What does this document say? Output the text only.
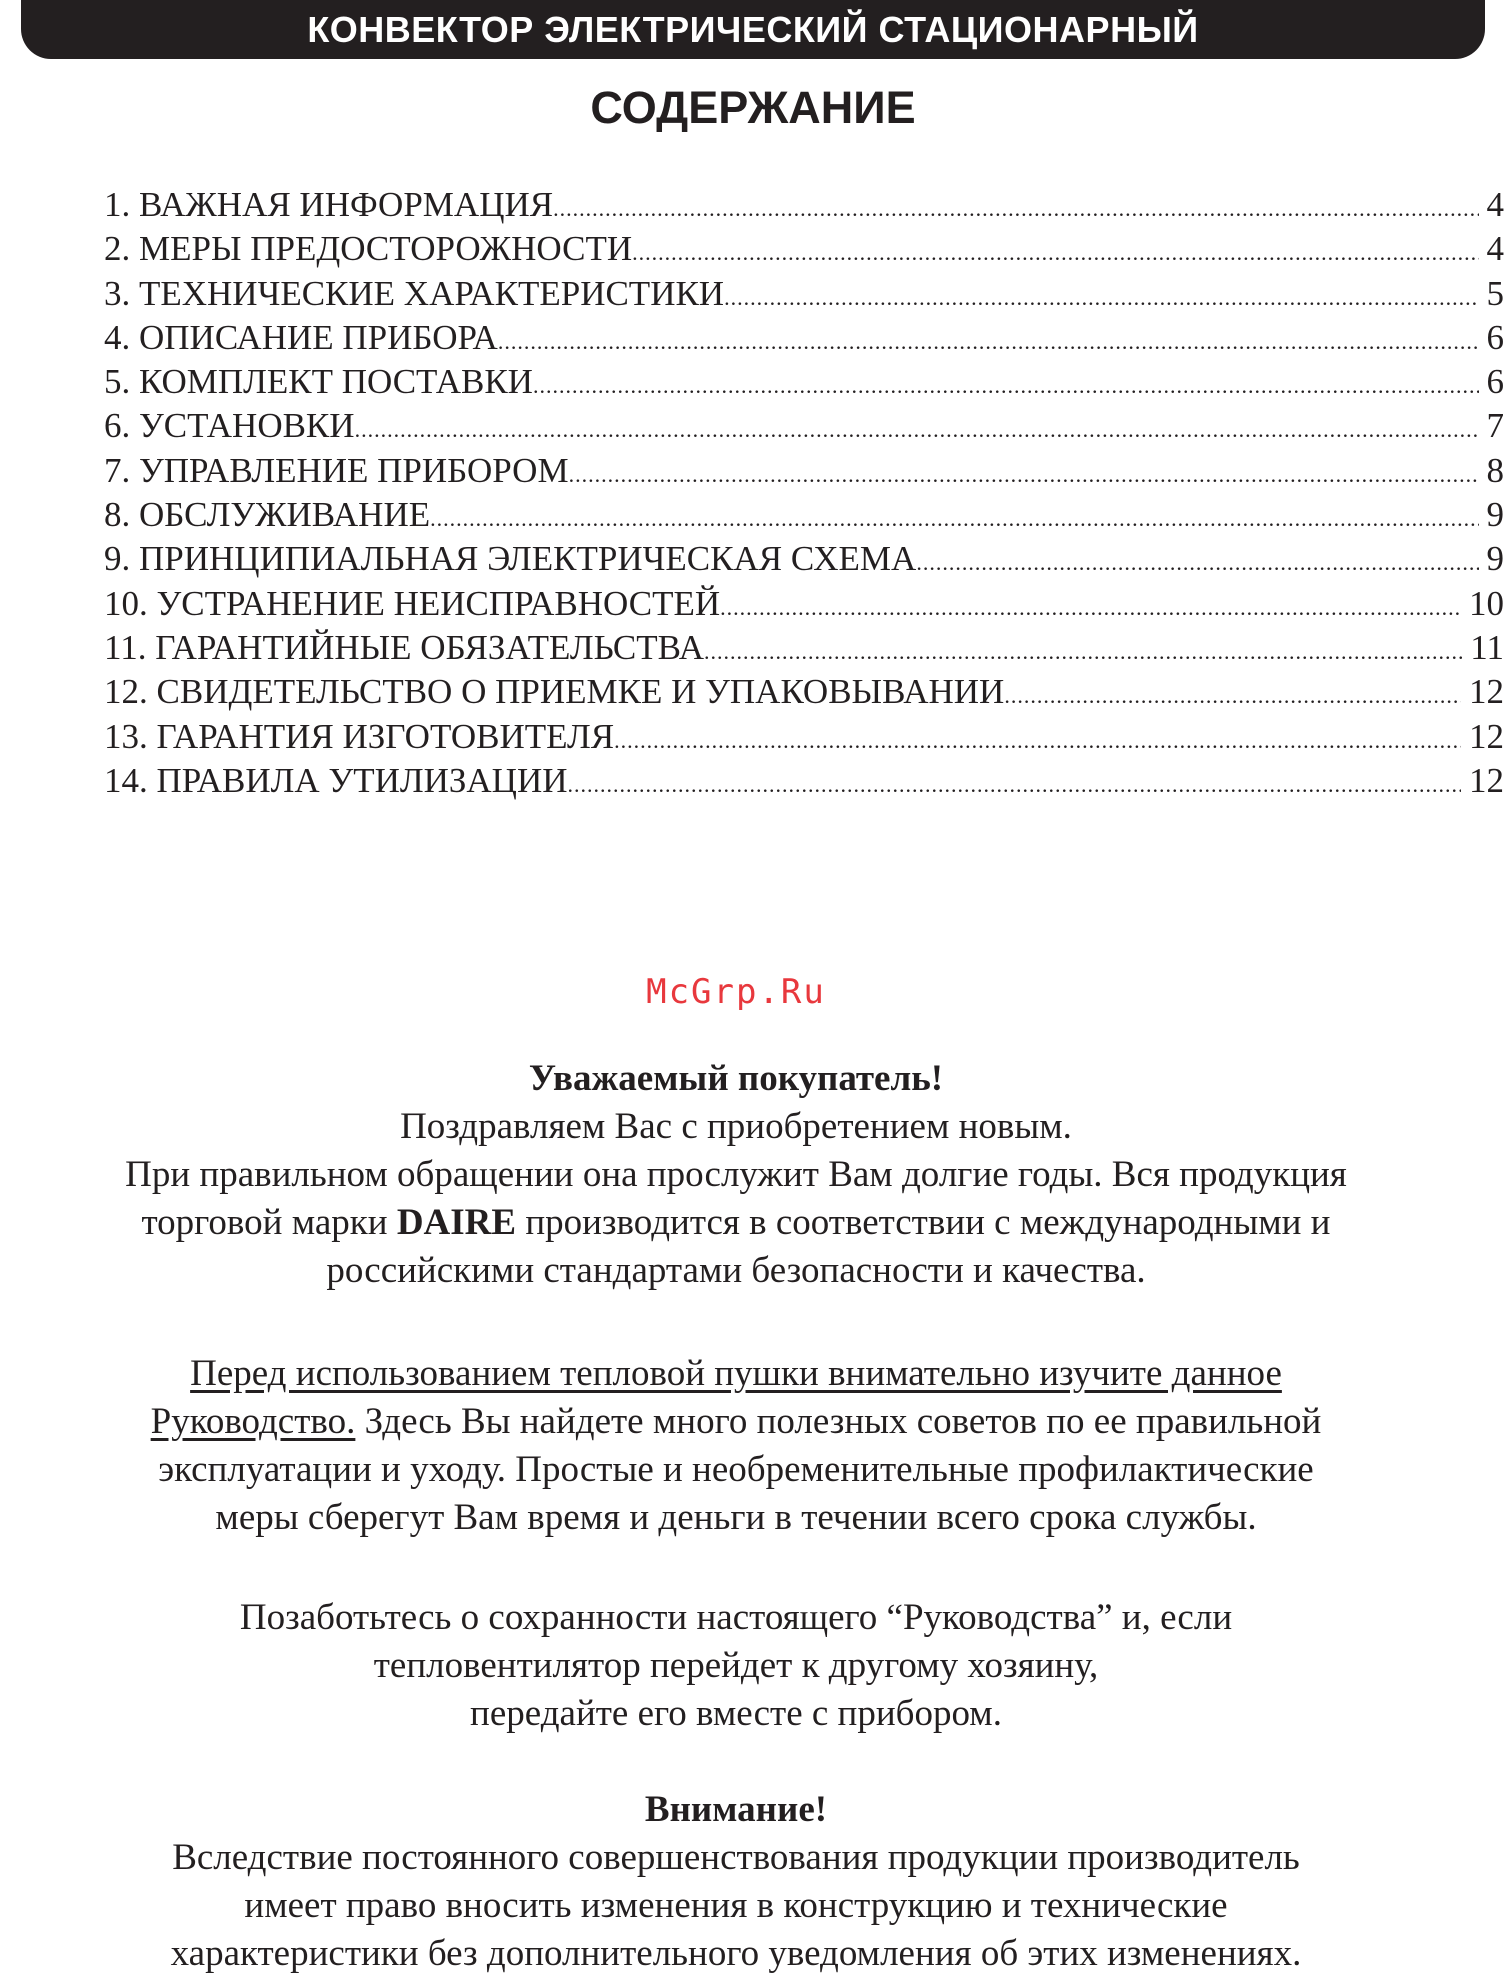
КОНВЕКТОР ЭЛЕКТРИЧЕСКИЙ СТАЦИОНАРНЫЙ
СОДЕРЖАНИЕ
1. ВАЖНАЯ ИНФОРМАЦИЯ .....	4
2. МЕРЫ ПРЕДОСТОРОЖНОСТИ .....	4
3. ТЕХНИЧЕСКИЕ ХАРАКТЕРИСТИКИ .....	5
4. ОПИСАНИЕ ПРИБОРА .....	6
5. КОМПЛЕКТ ПОСТАВКИ .....	6
6. УСТАНОВКИ .....	7
7. УПРАВЛЕНИЕ ПРИБОРОМ .....	8
8. ОБСЛУЖИВАНИЕ .....	9
9. ПРИНЦИПИАЛЬНАЯ ЭЛЕКТРИЧЕСКАЯ СХЕМА .....	9
10. УСТРАНЕНИЕ НЕИСПРАВНОСТЕЙ .....	10
11. ГАРАНТИЙНЫЕ ОБЯЗАТЕЛЬСТВА .....	11
12. СВИДЕТЕЛЬСТВО О ПРИЕМКЕ И УПАКОВЫВАНИИ .....	12
13. ГАРАНТИЯ ИЗГОТОВИТЕЛЯ .....	12
14. ПРАВИЛА УТИЛИЗАЦИИ .....	12
McGrp.Ru

Уважаемый покупатель!

Поздравляем Вас с приобретением новым.

При правильном обращении она прослужит Вам долгие годы. Вся продукция

торговой марки DAIRE производится в соответствии с международными и

российскими стандартами безопасности и качества.

Перед использованием тепловой пушки внимательно изучите данное

Руководство. Здесь Вы найдете много полезных советов по ее правильной

эксплуатации и уходу. Простые и необременительные профилактические

меры сберегут Вам время и деньги в течении всего срока службы.

Позаботьтесь о сохранности настоящего “Руководства” и, если

тепловентилятор перейдет к другому хозяину,

передайте его вместе с прибором.

Внимание!

Вследствие постоянного совершенствования продукции производитель

имеет право вносить изменения в конструкцию и технические

характеристики без дополнительного уведомления об этих изменениях.
